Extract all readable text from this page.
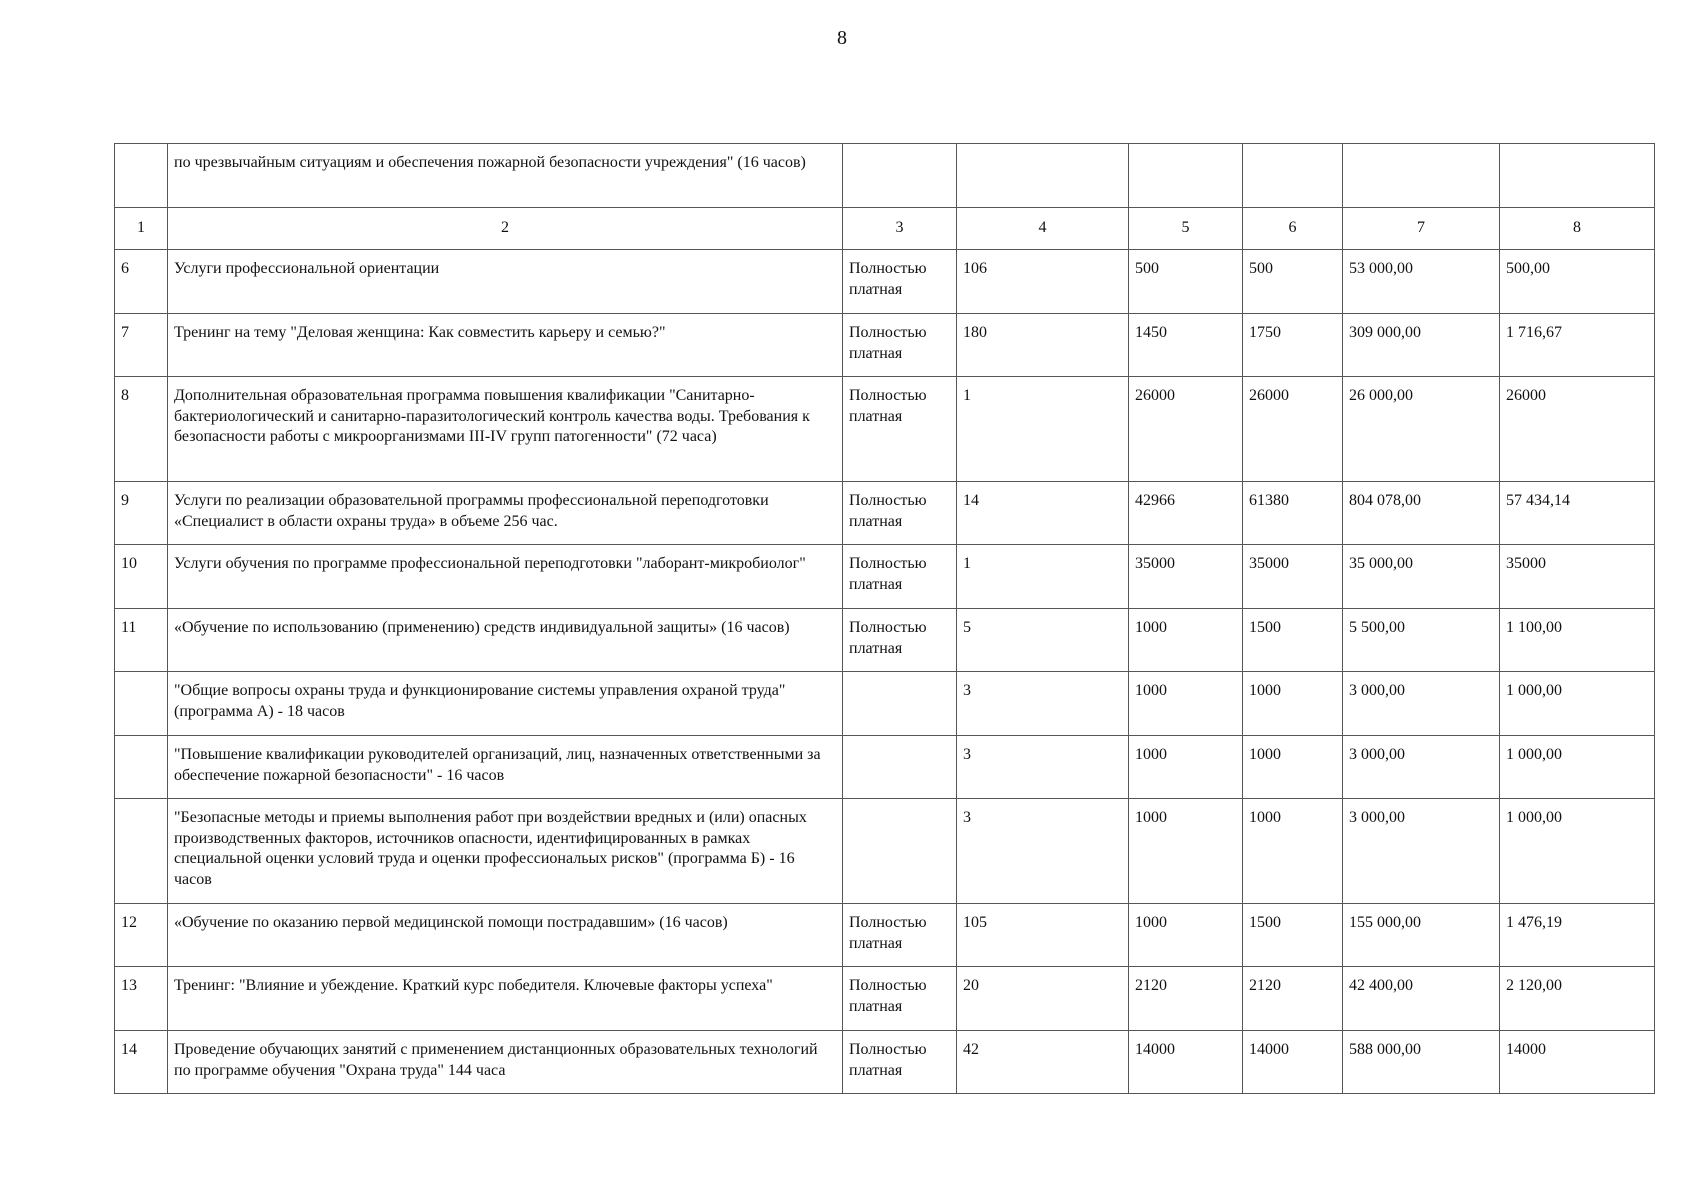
8
	по чрезвычайным ситуациям и обеспечения пожарной безопасности учреждения" (16 часов)						
1	2	3	4	5	6	7	8
6	Услуги профессиональной ориентации	Полностью платная	106	500	500	53 000,00	500,00
7	Тренинг на тему "Деловая женщина: Как совместить карьеру и семью?"	Полностью платная	180	1450	1750	309 000,00	1 716,67
8	Дополнительная образовательная программа повышения квалификации "Санитарно-бактериологический и санитарно-паразитологический контроль качества воды. Требования к безопасности работы с микроорганизмами III-IV групп патогенности" (72 часа)	Полностью платная	1	26000	26000	26 000,00	26000
9	Услуги по реализации образовательной программы профессиональной переподготовки «Специалист в области охраны труда» в объеме 256 час.	Полностью платная	14	42966	61380	804 078,00	57 434,14
10	Услуги обучения по программе профессиональной переподготовки "лаборант-микробиолог"	Полностью платная	1	35000	35000	35 000,00	35000
11	«Обучение по использованию (применению) средств индивидуальной защиты» (16 часов)	Полностью платная	5	1000	1500	5 500,00	1 100,00
	"Общие вопросы охраны труда и функционирование системы управления охраной труда" (программа А) - 18 часов		3	1000	1000	3 000,00	1 000,00
	"Повышение квалификации руководителей организаций, лиц, назначенных ответственными за обеспечение пожарной безопасности" - 16 часов		3	1000	1000	3 000,00	1 000,00
	"Безопасные методы и приемы выполнения работ при воздействии вредных и (или) опасных производственных факторов, источников опасности, идентифицированных в рамках специальной оценки условий труда и оценки профессиональых рисков" (программа Б) - 16 часов		3	1000	1000	3 000,00	1 000,00
12	«Обучение по оказанию первой медицинской помощи пострадавшим» (16 часов)	Полностью платная	105	1000	1500	155 000,00	1 476,19
13	Тренинг: "Влияние и убеждение. Краткий курс победителя. Ключевые факторы успеха"	Полностью платная	20	2120	2120	42 400,00	2 120,00
14	Проведение обучающих занятий с применением дистанционных образовательных технологий по программе обучения "Охрана труда" 144 часа	Полностью платная	42	14000	14000	588 000,00	14000
